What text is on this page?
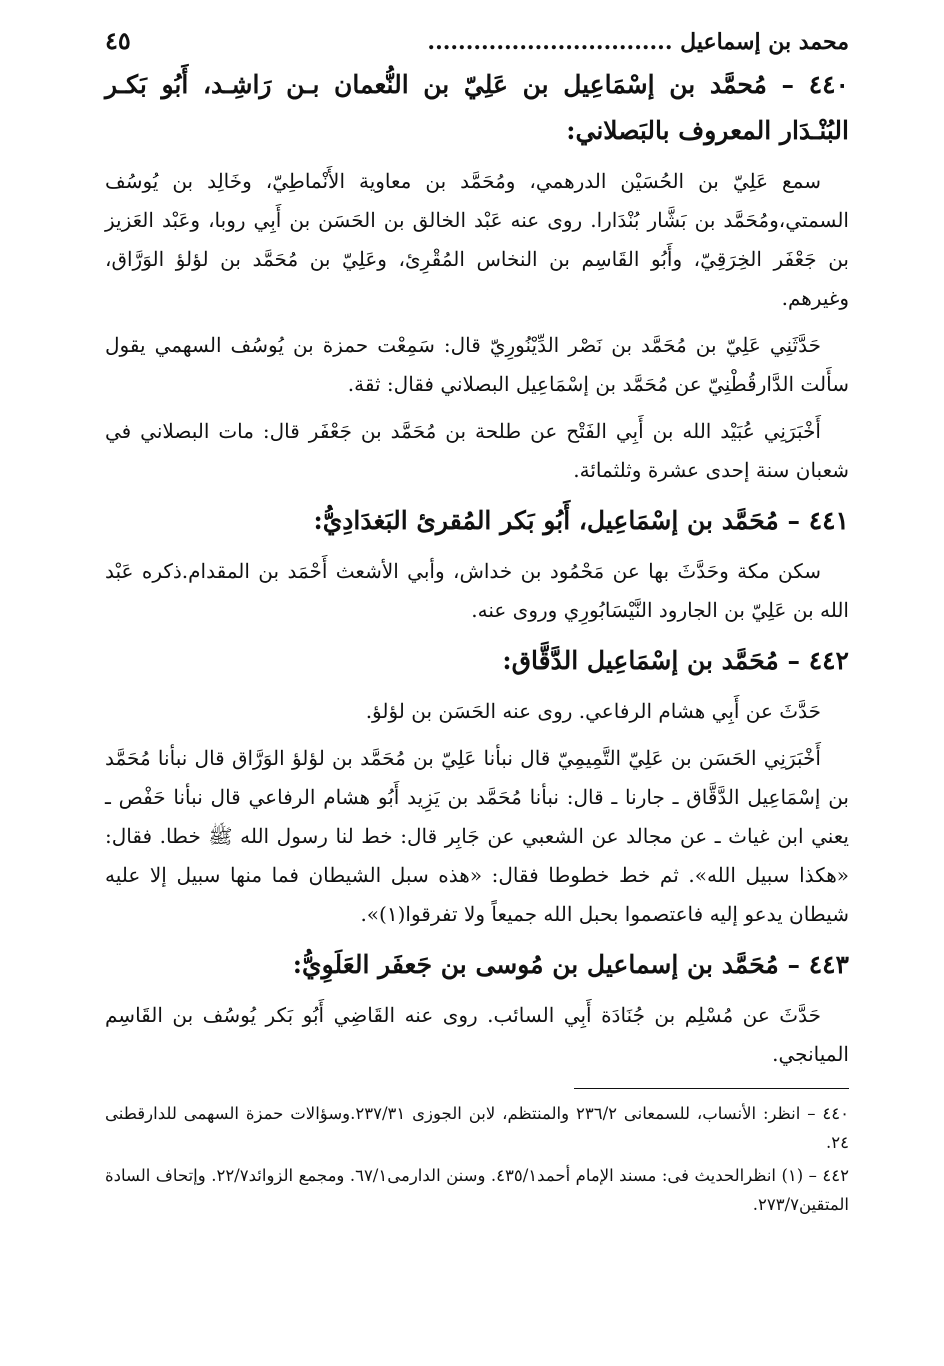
محمد بن إسماعيل ................................
٤٥
٤٤٠ – مُحمَّد بن إسْمَاعِيل بن عَلِيّ بن النُّعمان بـن رَاشِـد، أَبُو بَكـر البُنْـدَار المعروف بالبَصلاني:

سمع عَلِيّ بن الحُسَيْن الدرهمي، ومُحَمَّد بن معاوية الأَنْماطِيّ، وخَالِد بن يُوسُف السمتي،ومُحَمَّد بن بَشَّار بُنْدَارا. روى عنه عَبْد الخالق بن الحَسَن بن أَبِي روبا، وعَبْد العَزيز بن جَعْفَر الخِرَقِيّ، وأَبُو القَاسِم بن النخاس المُقْرِئ، وعَلِيّ بن مُحَمَّد بن لؤلؤ الوَرَّاق، وغيرهم.

حَدَّثَنِي عَلِيّ بن مُحَمَّد بن نَصْر الدِّيْنُورِيّ قال: سَمِعْت حمزة بن يُوسُف السهمي يقول سأَلت الدَّارقُطْنِيّ عن مُحَمَّد بن إسْمَاعِيل البصلاني فقال: ثقة.

أَخْبَرَنِي عُبَيْد الله بن أَبِي الفَتْح عن طلحة بن مُحَمَّد بن جَعْفَر قال: مات البصلاني في شعبان سنة إحدى عشرة وثلثمائة.

٤٤١ – مُحَمَّد بن إسْمَاعِيل، أَبُو بَكر المُقرئ البَغدَادِيُّ:

سكن مكة وحَدَّثَ بها عن مَحْمُود بن خداش، وأبي الأشعث أَحْمَد بن المقدام.ذكره عَبْد الله بن عَلِيّ بن الجارود النَّيْسَابُورِي وروى عنه.

٤٤٢ – مُحَمَّد بن إسْمَاعِيل الدَّقَّاق:

حَدَّثَ عن أَبِي هشام الرفاعي. روى عنه الحَسَن بن لؤلؤ.

أَخْبَرَنِي الحَسَن بن عَلِيّ التَّمِيمِيّ قال نبأنا عَلِيّ بن مُحَمَّد بن لؤلؤ الوَرَّاق قال نبأنا مُحَمَّد بن إسْمَاعِيل الدَّقَّاق ـ جارنا ـ قال: نبأنا مُحَمَّد بن يَزِيد أَبُو هشام الرفاعي قال نبأنا حَفْص ـ يعني ابن غياث ـ عن مجالد عن الشعبي عن جَابِر قال: خط لنا رسول الله ﷺ خطا. فقال: «هكذا سبيل الله». ثم خط خطوطا فقال: «هذه سبل الشيطان فما منها سبيل إلا عليه شيطان يدعو إليه فاعتصموا بحبل الله جميعاً ولا تفرقوا(١)».

٤٤٣ – مُحَمَّد بن إسماعيل بن مُوسى بن جَعفَر العَلَوِيُّ:

حَدَّثَ عن مُسْلِم بن جُنَادَة أَبِي السائب. روى عنه القَاضِي أَبُو بَكر يُوسُف بن القَاسِم الميانجي.

٤٤٠ – انظر: الأنساب، للسمعانى ٢٣٦/٢ والمنتظم، لابن الجوزى ٢٣٧/٣١.وسؤالات حمزة السهمى للدارقطنى ٢٤.

٤٤٢ – (١) انظرالحديث فى: مسند الإمام أحمد٤٣٥/١. وسنن الدارمى٦٧/١. ومجمع الزوائد٢٢/٧. وإتحاف السادة المتقين٢٧٣/٧.
